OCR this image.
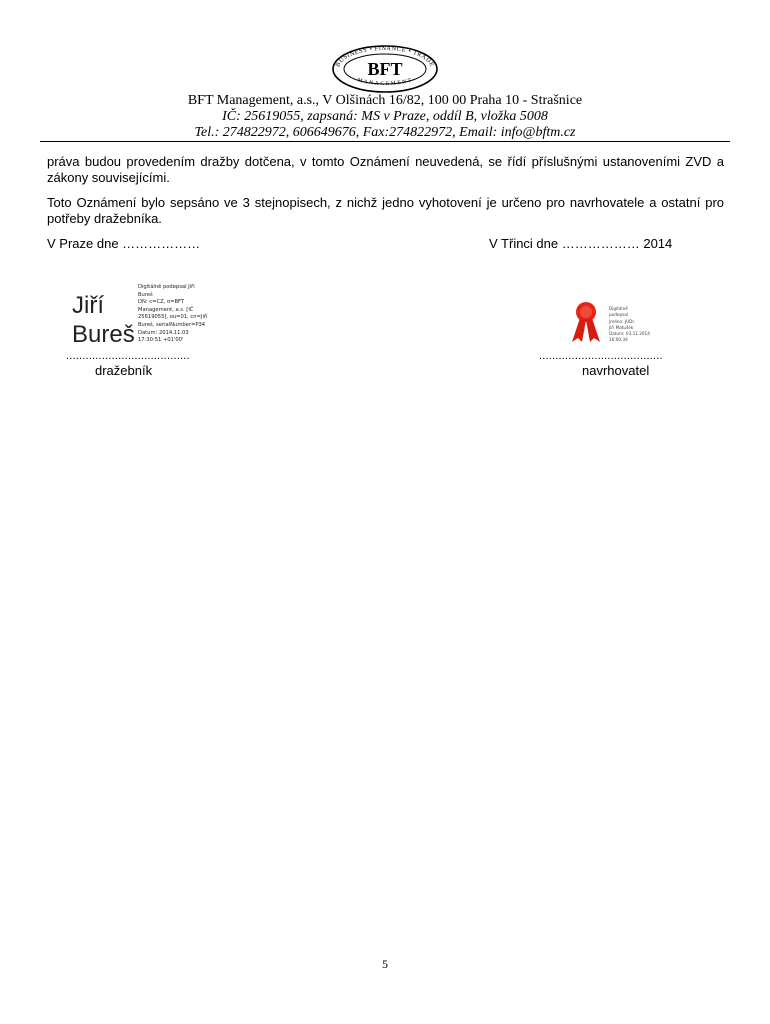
BUSINESS • FINANCE • TRADE
MANAGEMENT
BFT
BFT Management, a.s., V Olšinách 16/82, 100 00 Praha 10 - Strašnice
IČ: 25619055, zapsaná: MS v Praze, oddíl B, vložka 5008
Tel.: 274822972, 606649676, Fax:274822972, Email: info@bftm.cz
práva budou provedením dražby dotčena, v tomto Oznámení neuvedená, se řídí příslušnými ustanoveními ZVD a zákony souvisejícími.
Toto Oznámení bylo sepsáno ve 3 stejnopisech, z nichž jedno vyhotovení je určeno pro navrhovatele a ostatní pro potřeby dražebníka.
V Praze dne ………………	V Třinci dne ……………… 2014
Jiří
Bureš
Digitálně podepsal Jiří
Bureš
DN: c=CZ, o=BFT
Management, a.s. [IČ
25619055], ou=01, cn=Jiří
Bureš, serialNumber=P34
Datum: 2014.11.03
17:30:51 +01'00'
Digitálně
podepsal
Jméno: JUDr.
Jiří Matušek
Datum: 03.11.2014
16:00:34
......................................	......................................
dražebník	navrhovatel
5
